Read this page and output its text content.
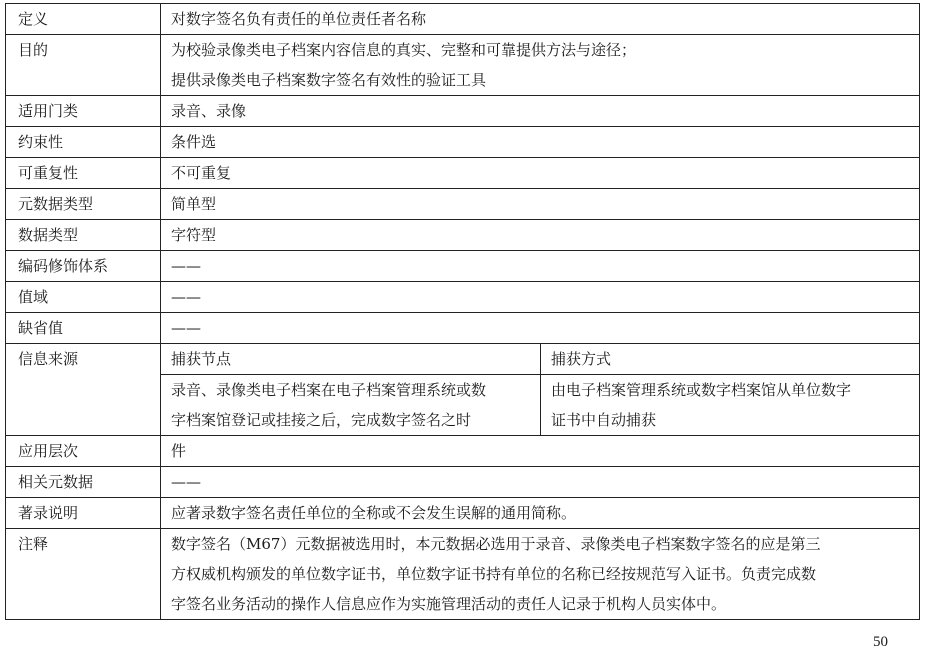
定义	对数字签名负有责任的单位责任者名称	
目的	为校验录像类电子档案内容信息的真实、完整和可靠提供方法与途径；
提供录像类电子档案数字签名有效性的验证工具	

适用门类	录音、录像	
约束性	条件选	
可重复性	不可重复	
元数据类型	简单型	
数据类型	字符型	
编码修饰体系	——	
值域	——	
缺省值	——	
信息来源	捕获节点	捕获方式

	录音、录像类电子档案在电子档案管理系统或数
字档案馆登记或挂接之后，完成数字签名之时	由电子档案管理系统或数字档案馆从单位数字
证书中自动捕获

应用层次	件	
相关元数据	——	
著录说明	应著录数字签名责任单位的全称或不会发生误解的通用简称。	
注释	数字签名（M67）元数据被选用时，本元数据必选用于录音、录像类电子档案数字签名的应是第三
方权威机构颁发的单位数字证书，单位数字证书持有单位的名称已经按规范写入证书。负责完成数
字签名业务活动的操作人信息应作为实施管理活动的责任人记录于机构人员实体中。	
50
